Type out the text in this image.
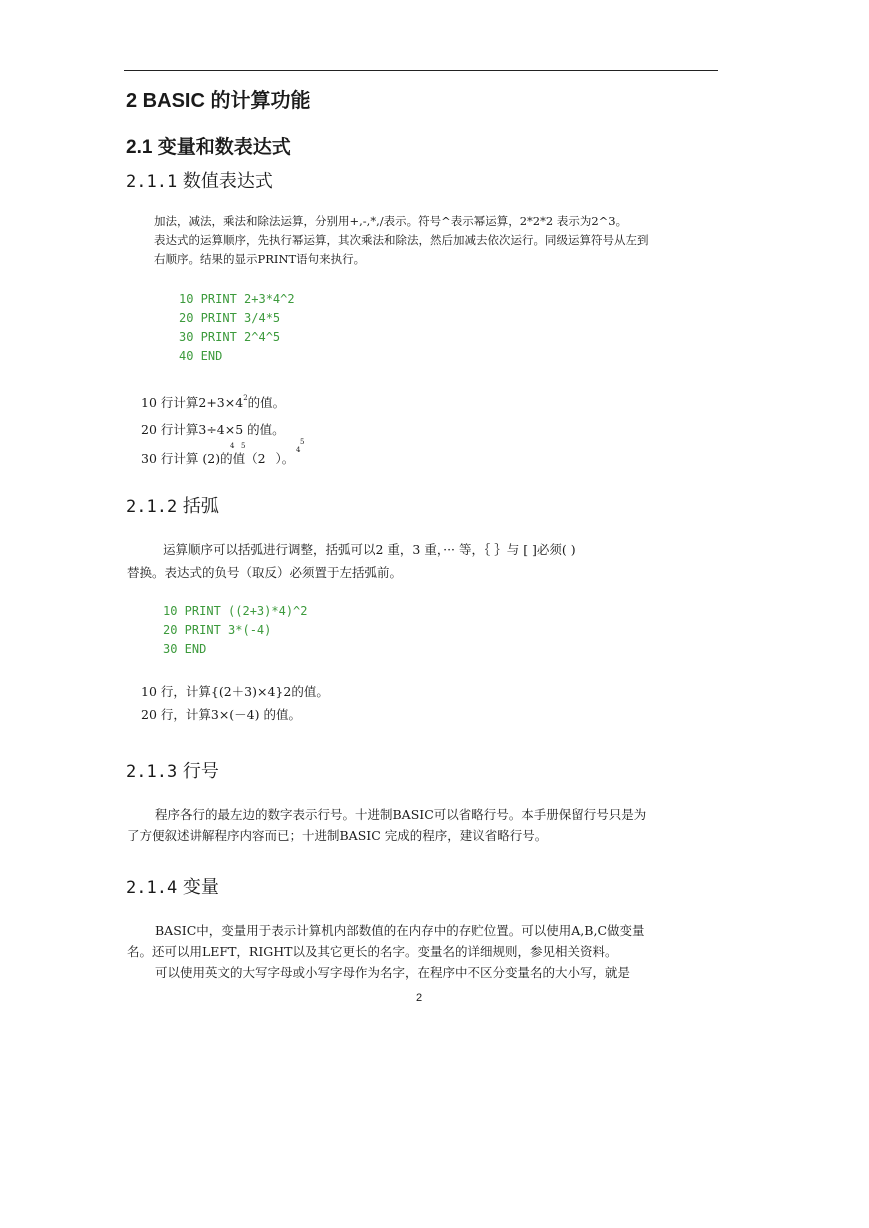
2 BASIC 的计算功能
2.1 变量和数表达式
2.1.1 数值表达式
加法，减法，乘法和除法运算，分别用+,-,*,/表示。符号^表示幂运算，2*2*2 表示为2^3。
表达式的运算顺序，先执行幂运算，其次乘法和除法，然后加减去依次运行。同级运算符号从左到
右顺序。结果的显示PRINT语句来执行。
10 PRINT 2+3*4^2
20 PRINT 3/4*5
30 PRINT 2^4^5
40 END
10 行计算$2+3\times 4^2$的值。
20 行计算3÷4×5 的值。
30 行计算 (2)的值（2 ）。
4 5	4
5
2.1.2 括弧
运算顺序可以括弧进行调整，括弧可以2 重，3 重，··· 等，｛ ｝与 [ ]必须( )
替换。表达式的负号（取反）必须置于左括弧前。
10 PRINT ((2+3)*4)^2
20 PRINT 3*(-4)
30 END
10 行，计算{(2＋3)×4}2的值。
20 行，计算3×(－4) 的值。
2.1.3 行号
程序各行的最左边的数字表示行号。十进制BASIC可以省略行号。本手册保留行号只是为
了方便叙述讲解程序内容而已；十进制BASIC 完成的程序，建议省略行号。
2.1.4 变量
BASIC中，变量用于表示计算机内部数值的在内存中的存贮位置。可以使用A,B,C做变量
名。还可以用LEFT，RIGHT以及其它更长的名字。变量名的详细规则，参见相关资料。
可以使用英文的大写字母或小写字母作为名字，在程序中不区分变量名的大小写，就是
2
